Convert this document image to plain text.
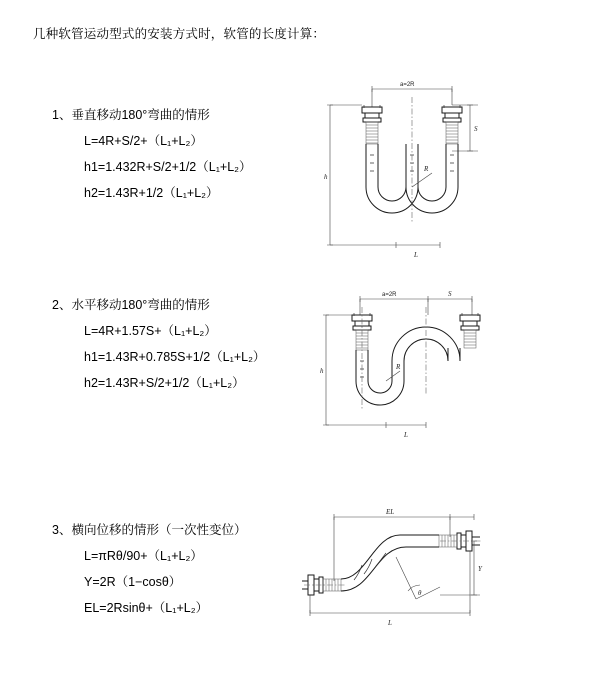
几种软管运动型式的安装方式时，软管的长度计算：
1、垂直移动180°弯曲的情形
L=4R+S/2+（L₁+L₂）
h1=1.432R+S/2+1/2（L₁+L₂）
h2=1.43R+1/2（L₁+L₂）
a=2R
h
S
R
L
2、水平移动180°弯曲的情形
L=4R+1.57S+（L₁+L₂）
h1=1.43R+0.785S+1/2（L₁+L₂）
h2=1.43R+S/2+1/2（L₁+L₂）
a=2R	S
h	R
L
3、横向位移的情形（一次性变位）
L=πRθ/90+（L₁+L₂）
Y=2R（1−cosθ）
EL=2Rsinθ+（L₁+L₂）
EL
Y
θ
L
